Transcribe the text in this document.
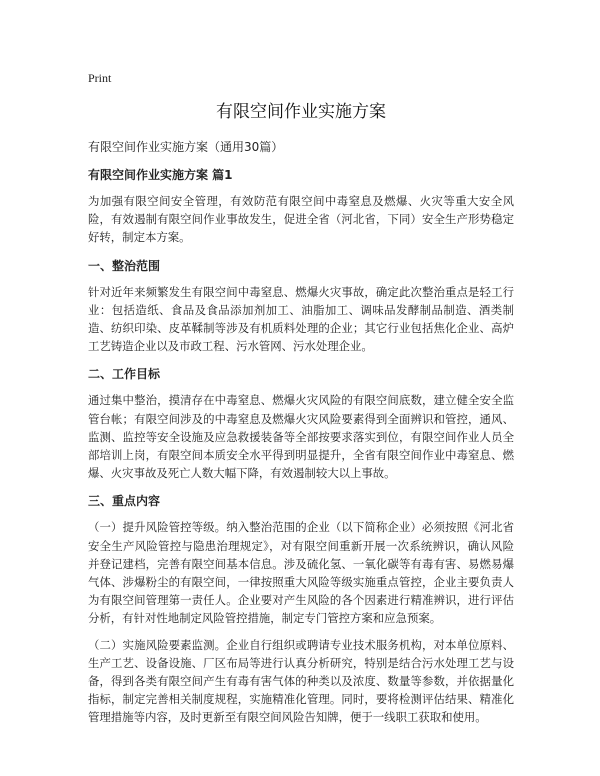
Print
有限空间作业实施方案
有限空间作业实施方案（通用30篇）
有限空间作业实施方案 篇1

为加强有限空间安全管理，有效防范有限空间中毒窒息及燃爆、火灾等重大安全风险，有效遏制有限空间作业事故发生，促进全省（河北省，下同）安全生产形势稳定好转，制定本方案。

一、整治范围

针对近年来频繁发生有限空间中毒窒息、燃爆火灾事故，确定此次整治重点是轻工行业：包括造纸、食品及食品添加剂加工、油脂加工、调味品发酵制品制造、酒类制造、纺织印染、皮革鞣制等涉及有机质料处理的企业；其它行业包括焦化企业、高炉工艺铸造企业以及市政工程、污水管网、污水处理企业。

二、工作目标

通过集中整治，摸清存在中毒窒息、燃爆火灾风险的有限空间底数，建立健全安全监管台帐；有限空间涉及的中毒窒息及燃爆火灾风险要素得到全面辨识和管控，通风、监测、监控等安全设施及应急救援装备等全部按要求落实到位，有限空间作业人员全部培训上岗，有限空间本质安全水平得到明显提升，全省有限空间作业中毒窒息、燃爆、火灾事故及死亡人数大幅下降，有效遏制较大以上事故。

三、重点内容

（一）提升风险管控等级。纳入整治范围的企业（以下简称企业）必须按照《河北省安全生产风险管控与隐患治理规定》，对有限空间重新开展一次系统辨识，确认风险并登记建档，完善有限空间基本信息。涉及硫化氢、一氧化碳等有毒有害、易燃易爆气体、涉爆粉尘的有限空间，一律按照重大风险等级实施重点管控，企业主要负责人为有限空间管理第一责任人。企业要对产生风险的各个因素进行精准辨识，进行评估分析，有针对性地制定风险管控措施，制定专门管控方案和应急预案。

（二）实施风险要素监测。企业自行组织或聘请专业技术服务机构，对本单位原料、生产工艺、设备设施、厂区布局等进行认真分析研究，特别是结合污水处理工艺与设备，得到各类有限空间产生有毒有害气体的种类以及浓度、数量等参数，并依据量化指标，制定完善相关制度规程，实施精准化管理。同时，要将检测评估结果、精准化管理措施等内容，及时更新至有限空间风险告知牌，便于一线职工获取和使用。
